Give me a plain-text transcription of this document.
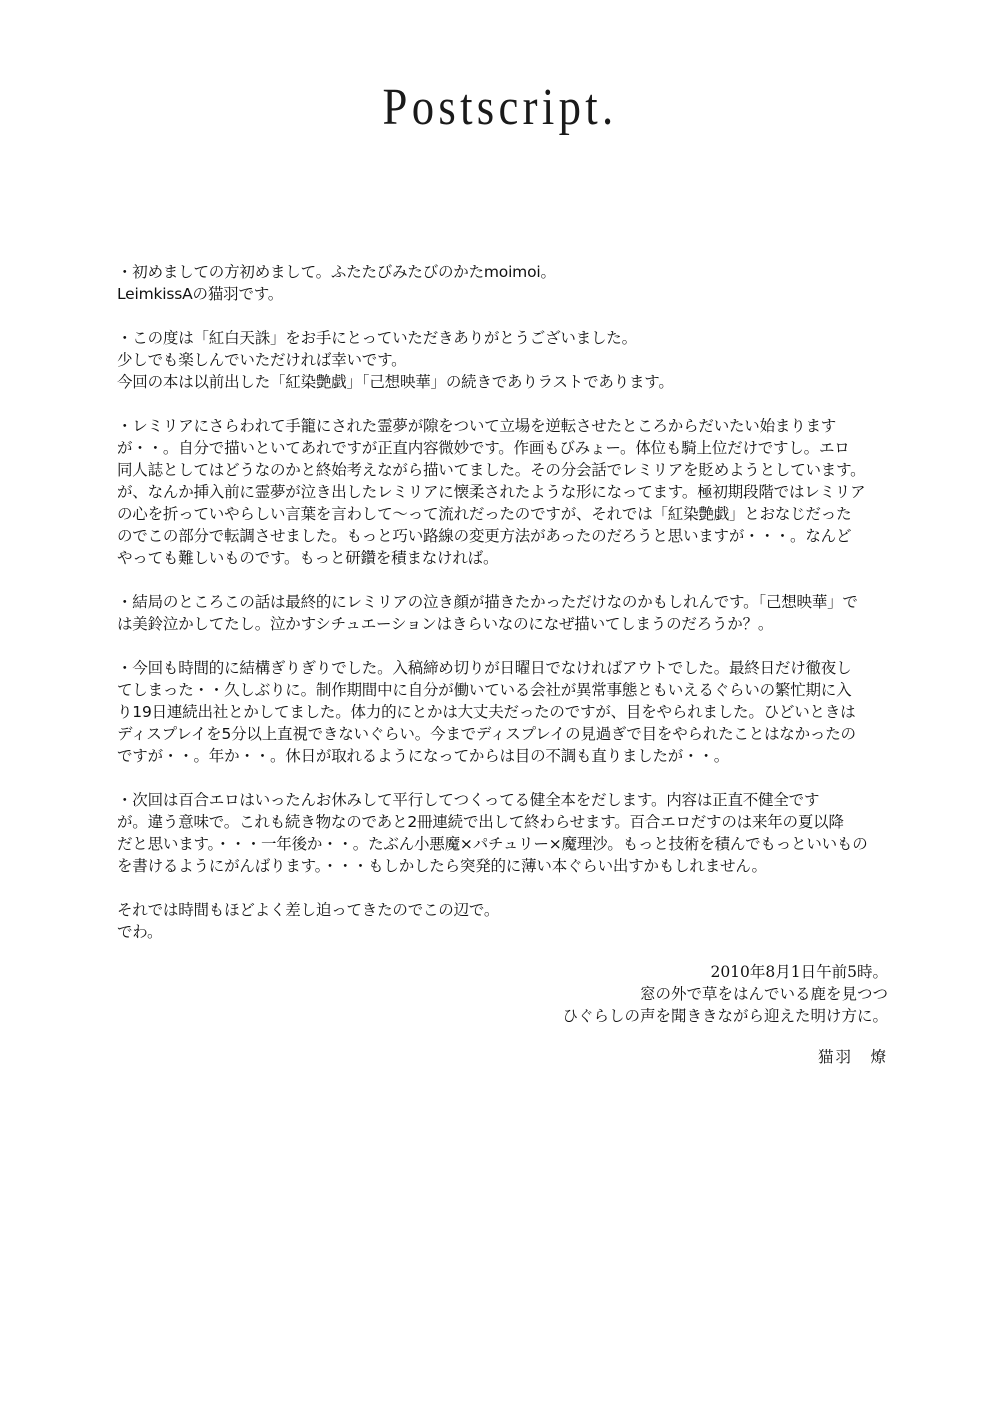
Postscript.
・初めましての方初めまして。ふたたびみたびのかたmoimoi。
LeimkissAの猫羽です。
・この度は「紅白天誅」をお手にとっていただきありがとうございました。
少しでも楽しんでいただければ幸いです。
今回の本は以前出した「紅染艶戯」「己想映華」の続きでありラストであります。
・レミリアにさらわれて手籠にされた霊夢が隙をついて立場を逆転させたところからだいたい始まります
が・・。自分で描いといてあれですが正直内容微妙です。作画もびみょー。体位も騎上位だけですし。エロ
同人誌としてはどうなのかと終始考えながら描いてました。その分会話でレミリアを貶めようとしています。
が、なんか挿入前に霊夢が泣き出したレミリアに懐柔されたような形になってます。極初期段階ではレミリア
の心を折っていやらしい言葉を言わして〜って流れだったのですが、それでは「紅染艶戯」とおなじだった
のでこの部分で転調させました。もっと巧い路線の変更方法があったのだろうと思いますが・・・。なんど
やっても難しいものです。もっと研鑽を積まなければ。
・結局のところこの話は最終的にレミリアの泣き顔が描きたかっただけなのかもしれんです。「己想映華」で
は美鈴泣かしてたし。泣かすシチュエーションはきらいなのになぜ描いてしまうのだろうか？。
・今回も時間的に結構ぎりぎりでした。入稿締め切りが日曜日でなければアウトでした。最終日だけ徹夜し
てしまった・・久しぶりに。制作期間中に自分が働いている会社が異常事態ともいえるぐらいの繁忙期に入
り19日連続出社とかしてました。体力的にとかは大丈夫だったのですが、目をやられました。ひどいときは
ディスプレイを5分以上直視できないぐらい。今までディスプレイの見過ぎで目をやられたことはなかったの
ですが・・。年か・・。休日が取れるようになってからは目の不調も直りましたが・・。
・次回は百合エロはいったんお休みして平行してつくってる健全本をだします。内容は正直不健全です
が。違う意味で。これも続き物なのであと2冊連続で出して終わらせます。百合エロだすのは来年の夏以降
だと思います。・・・一年後か・・。たぶん小悪魔×パチュリー×魔理沙。もっと技術を積んでもっといいもの
を書けるようにがんばります。・・・もしかしたら突発的に薄い本ぐらい出すかもしれません。
それでは時間もほどよく差し迫ってきたのでこの辺で。
でわ。
2010年8月1日午前5時。
窓の外で草をはんでいる鹿を見つつ
ひぐらしの声を聞ききながら迎えた明け方に。
猫羽　燎
